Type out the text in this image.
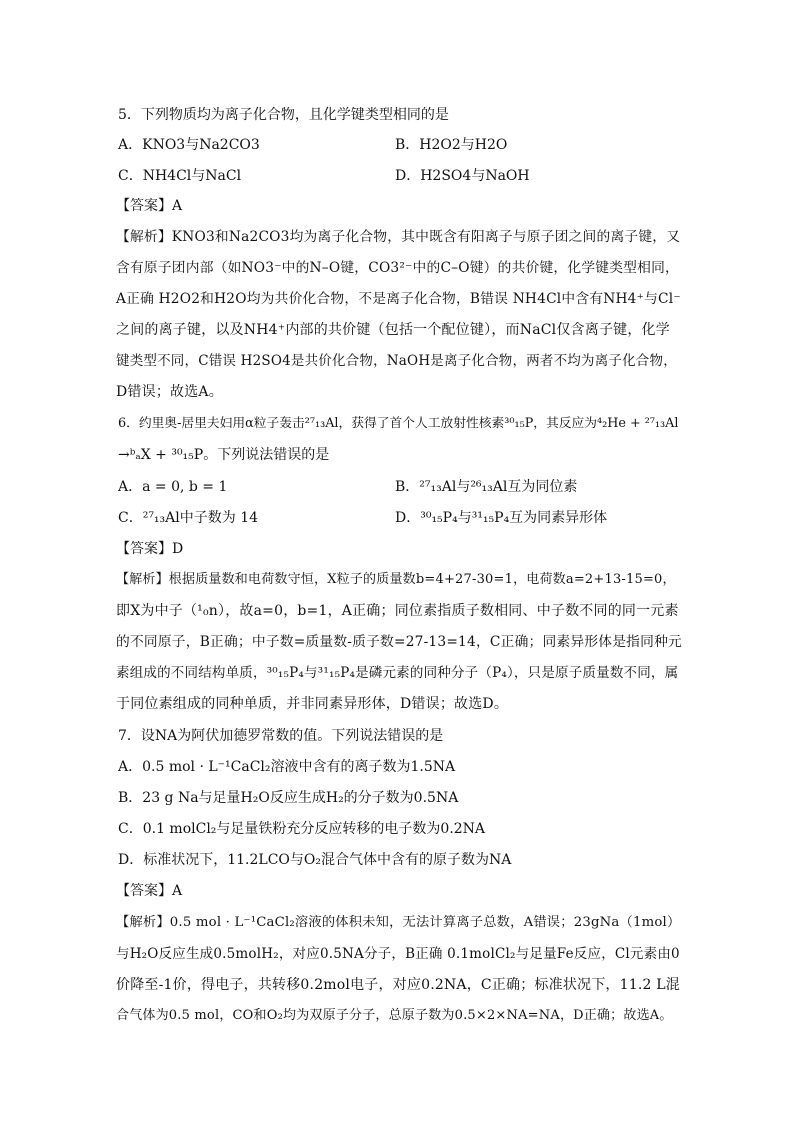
5．下列物质均为离子化合物，且化学键类型相同的是
A．KNO3与Na2CO3	B．H2O2与H2O
C．NH4Cl与NaCl	D．H2SO4与NaOH
【答案】A
【解析】KNO3和Na2CO3均为离子化合物，其中既含有阳离子与原子团之间的离子键，又
含有原子团内部（如NO3⁻中的N–O键，CO3²⁻中的C–O键）的共价键，化学键类型相同，
A正确 H2O2和H2O均为共价化合物，不是离子化合物，B错误 NH4Cl中含有NH4⁺与Cl⁻
之间的离子键，以及NH4⁺内部的共价键（包括一个配位键），而NaCl仅含离子键，化学
键类型不同，C错误 H2SO4是共价化合物，NaOH是离子化合物，两者不均为离子化合物，
D错误；故选A。
6．约里奥-居里夫妇用α粒子轰击²⁷₁₃Al，获得了首个人工放射性核素³⁰₁₅P，其反应为⁴₂He + ²⁷₁₃Al
→ᵇₐX + ³⁰₁₅P。下列说法错误的是
A．a = 0, b = 1	B．²⁷₁₃Al与²⁶₁₃Al互为同位素
C．²⁷₁₃Al中子数为 14	D．³⁰₁₅P₄与³¹₁₅P₄互为同素异形体
【答案】D
【解析】根据质量数和电荷数守恒，X粒子的质量数b=4+27-30=1，电荷数a=2+13-15=0，
即X为中子（¹₀n），故a=0，b=1，A正确；同位素指质子数相同、中子数不同的同一元素
的不同原子，B正确；中子数=质量数-质子数=27-13=14，C正确；同素异形体是指同种元
素组成的不同结构单质，³⁰₁₅P₄与³¹₁₅P₄是磷元素的同种分子（P₄），只是原子质量数不同，属
于同位素组成的同种单质，并非同素异形体，D错误；故选D。
7．设NA为阿伏加德罗常数的值。下列说法错误的是
A．0.5 mol · L⁻¹CaCl₂溶液中含有的离子数为1.5NA
B．23 g Na与足量H₂O反应生成H₂的分子数为0.5NA
C．0.1 molCl₂与足量铁粉充分反应转移的电子数为0.2NA
D．标准状况下，11.2LCO与O₂混合气体中含有的原子数为NA
【答案】A
【解析】0.5 mol · L⁻¹CaCl₂溶液的体积未知，无法计算离子总数，A错误；23gNa（1mol）
与H₂O反应生成0.5molH₂，对应0.5NA分子，B正确 0.1molCl₂与足量Fe反应，Cl元素由0
价降至-1价，得电子，共转移0.2mol电子，对应0.2NA，C正确；标准状况下，11.2 L混
合气体为0.5 mol，CO和O₂均为双原子分子，总原子数为0.5×2×NA=NA，D正确；故选A。
